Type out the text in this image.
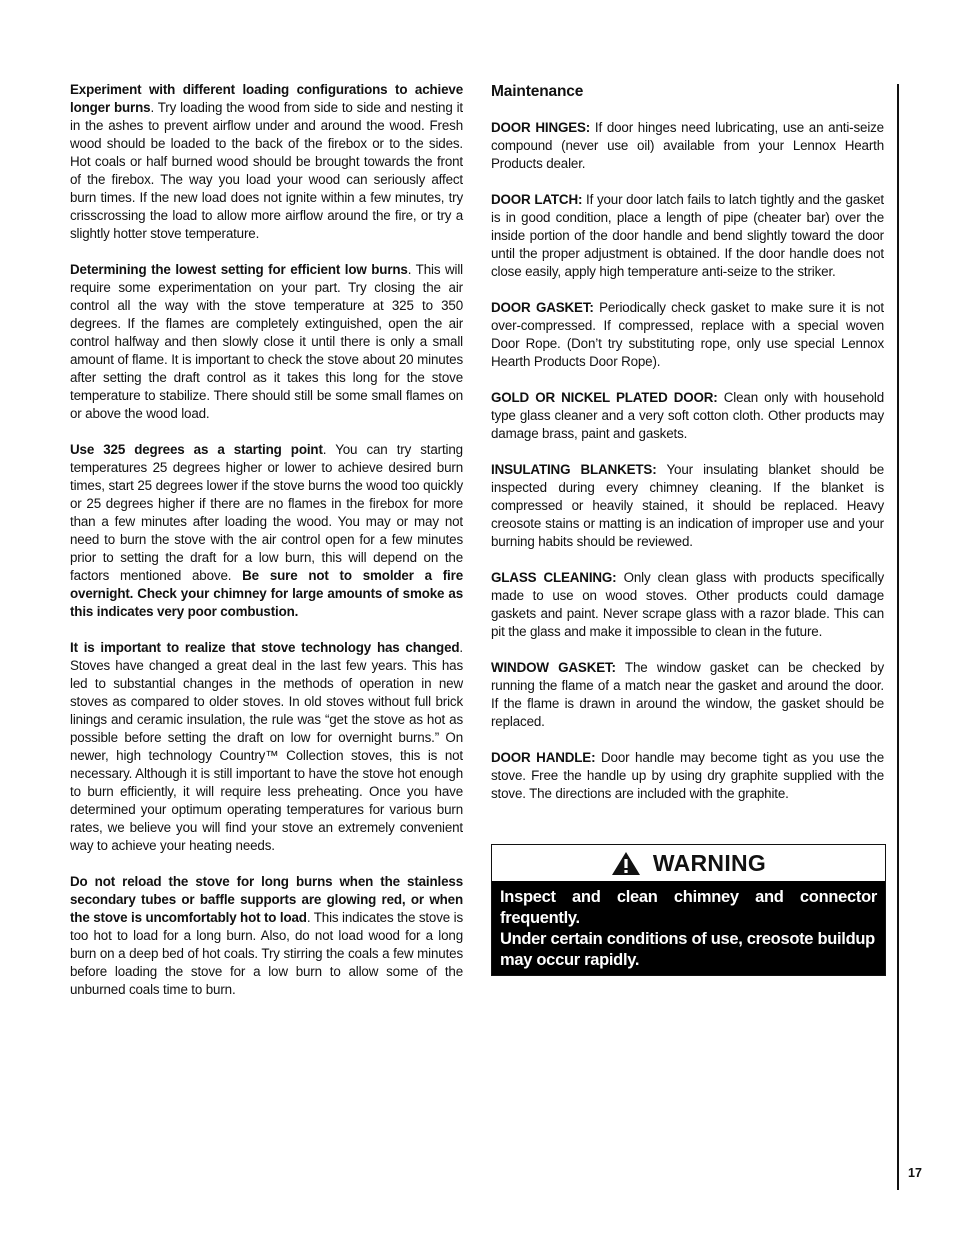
Experiment with different loading configurations to achieve longer burns. Try loading the wood from side to side and nesting it in the ashes to prevent airflow under and around the wood. Fresh wood should be loaded to the back of the firebox or to the sides. Hot coals or half burned wood should be brought towards the front of the firebox. The way you load your wood can seriously affect burn times. If the new load does not ignite within a few minutes, try crisscrossing the load to allow more airflow around the fire, or try a slightly hotter stove temperature.

Determining the lowest setting for efficient low burns. This will require some experimentation on your part. Try closing the air control all the way with the stove temperature at 325 to 350 degrees. If the flames are completely extinguished, open the air control halfway and then slowly close it until there is only a small amount of flame. It is important to check the stove about 20 minutes after setting the draft control as it takes this long for the stove temperature to stabilize. There should still be some small flames on or above the wood load.

Use 325 degrees as a starting point. You can try starting temperatures 25 degrees higher or lower to achieve desired burn times, start 25 degrees lower if the stove burns the wood too quickly or 25 degrees higher if there are no flames in the firebox for more than a few minutes after loading the wood. You may or may not need to burn the stove with the air control open for a few minutes prior to setting the draft for a low burn, this will depend on the factors mentioned above. Be sure not to smolder a fire overnight. Check your chimney for large amounts of smoke as this indicates very poor combustion.

It is important to realize that stove technology has changed. Stoves have changed a great deal in the last few years. This has led to substantial changes in the methods of operation in new stoves as compared to older stoves. In old stoves without full brick linings and ceramic insulation, the rule was “get the stove as hot as possible before setting the draft on low for overnight burns.” On newer, high technology Country™ Collection stoves, this is not necessary. Although it is still important to have the stove hot enough to burn efficiently, it will require less preheating. Once you have determined your optimum operating temperatures for various burn rates, we believe you will find your stove an extremely convenient way to achieve your heating needs.

Do not reload the stove for long burns when the stainless secondary tubes or baffle supports are glowing red, or when the stove is uncomfortably hot to load. This indicates the stove is too hot to load for a long burn. Also, do not load wood for a long burn on a deep bed of hot coals. Try stirring the coals a few minutes before loading the stove for a low burn to allow some of the unburned coals time to burn.

Maintenance

DOOR HINGES: If door hinges need lubricating, use an anti-seize compound (never use oil) available from your Lennox Hearth Products dealer.

DOOR LATCH: If your door latch fails to latch tightly and the gasket is in good condition, place a length of pipe (cheater bar) over the inside portion of the door handle and bend slightly toward the door until the proper adjustment is obtained. If the door handle does not close easily, apply high temperature anti-seize to the striker.

DOOR GASKET: Periodically check gasket to make sure it is not over-compressed. If compressed, replace with a special woven Door Rope. (Don’t try substituting rope, only use special Lennox Hearth Products Door Rope).

GOLD OR NICKEL PLATED DOOR: Clean only with household type glass cleaner and a very soft cotton cloth. Other products may damage brass, paint and gaskets.

INSULATING BLANKETS: Your insulating blanket should be inspected during every chimney cleaning. If the blanket is compressed or heavily stained, it should be replaced. Heavy creosote stains or matting is an indication of improper use and your burning habits should be reviewed.

GLASS CLEANING: Only clean glass with products specifically made to use on wood stoves. Other products could damage gaskets and paint. Never scrape glass with a razor blade. This can pit the glass and make it impossible to clean in the future.

WINDOW GASKET: The window gasket can be checked by running the flame of a match near the gasket and around the door. If the flame is drawn in around the window, the gasket should be replaced.

DOOR HANDLE: Door handle may become tight as you use the stove. Free the handle up by using dry graphite supplied with the stove. The directions are included with the graphite.

WARNING
Inspect and clean chimney and connector frequently.
Under certain conditions of use, creosote buildup
may occur rapidly.
17
